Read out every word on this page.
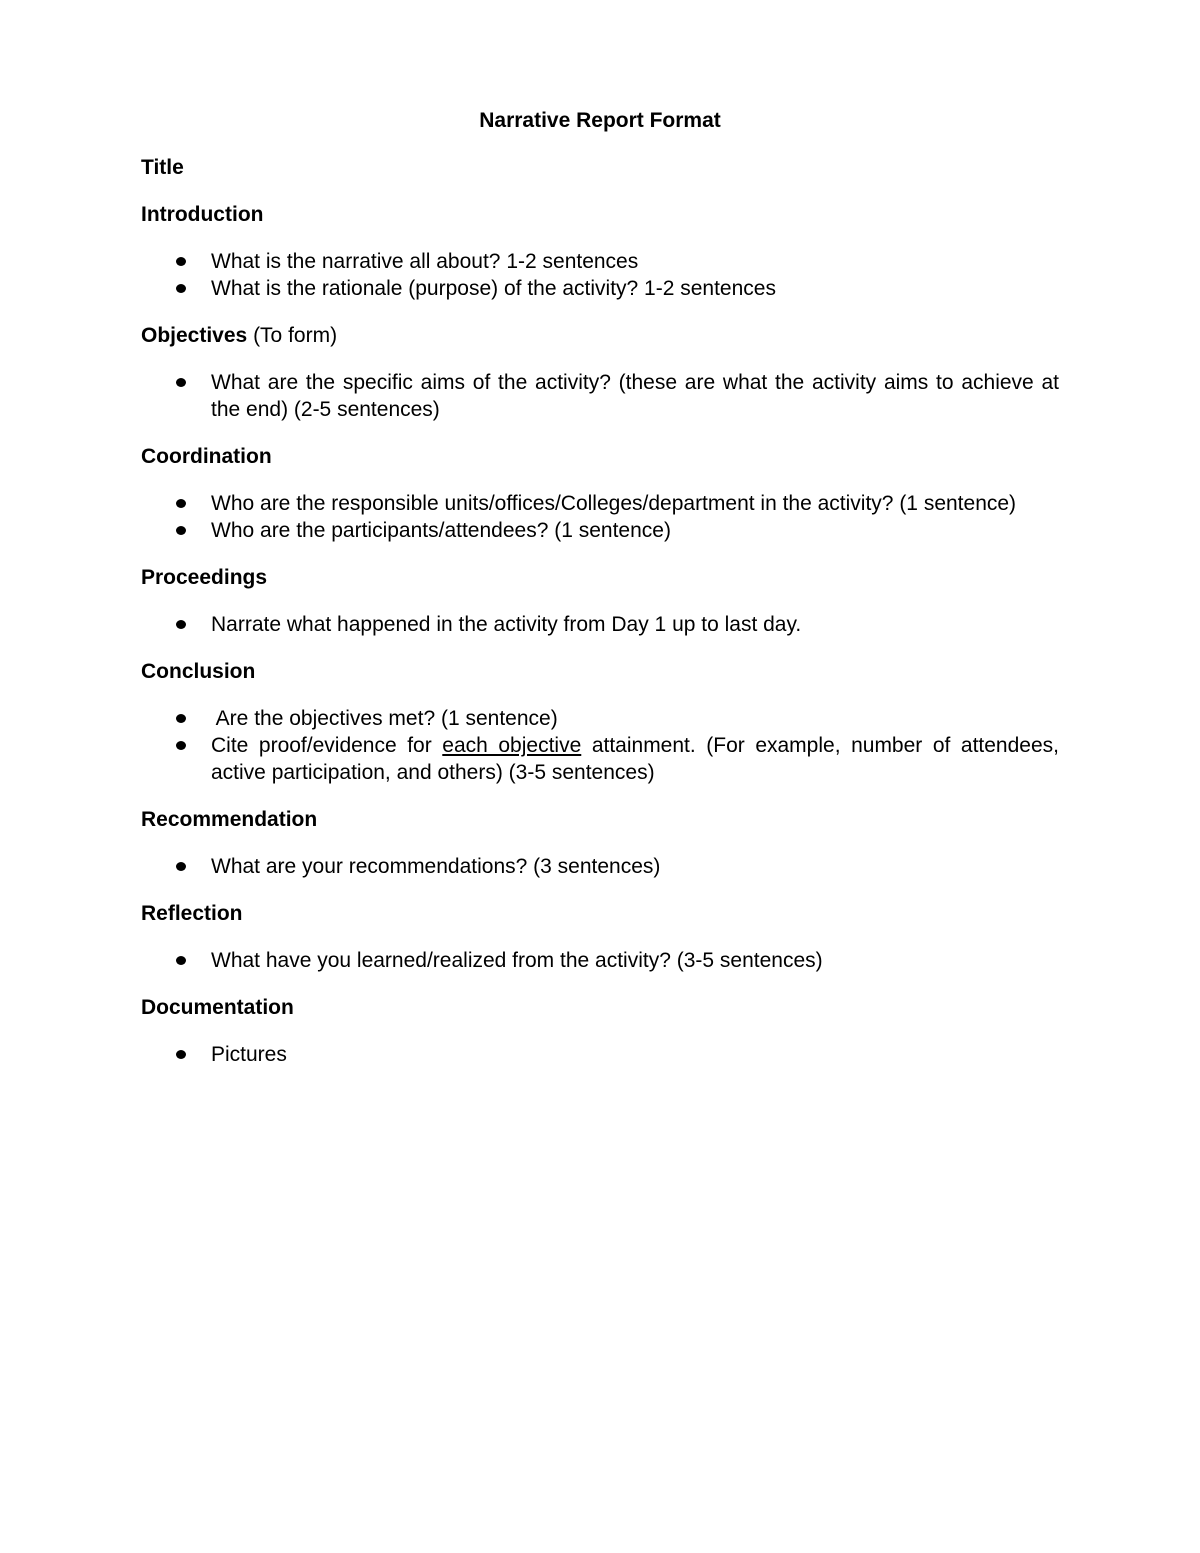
Narrative Report Format
Title
Introduction
What is the narrative all about? 1-2 sentences
What is the rationale (purpose) of the activity? 1-2 sentences
Objectives (To form)
What are the specific aims of the activity? (these are what the activity aims to achieve at the end) (2-5 sentences)
Coordination
Who are the responsible units/offices/Colleges/department in the activity? (1 sentence)
Who are the participants/attendees? (1 sentence)
Proceedings
Narrate what happened in the activity from Day 1 up to last day.
Conclusion
Are the objectives met? (1 sentence)
Cite proof/evidence for each objective attainment. (For example, number of attendees, active participation, and others) (3-5 sentences)
Recommendation
What are your recommendations? (3 sentences)
Reflection
What have you learned/realized from the activity? (3-5 sentences)
Documentation
Pictures
